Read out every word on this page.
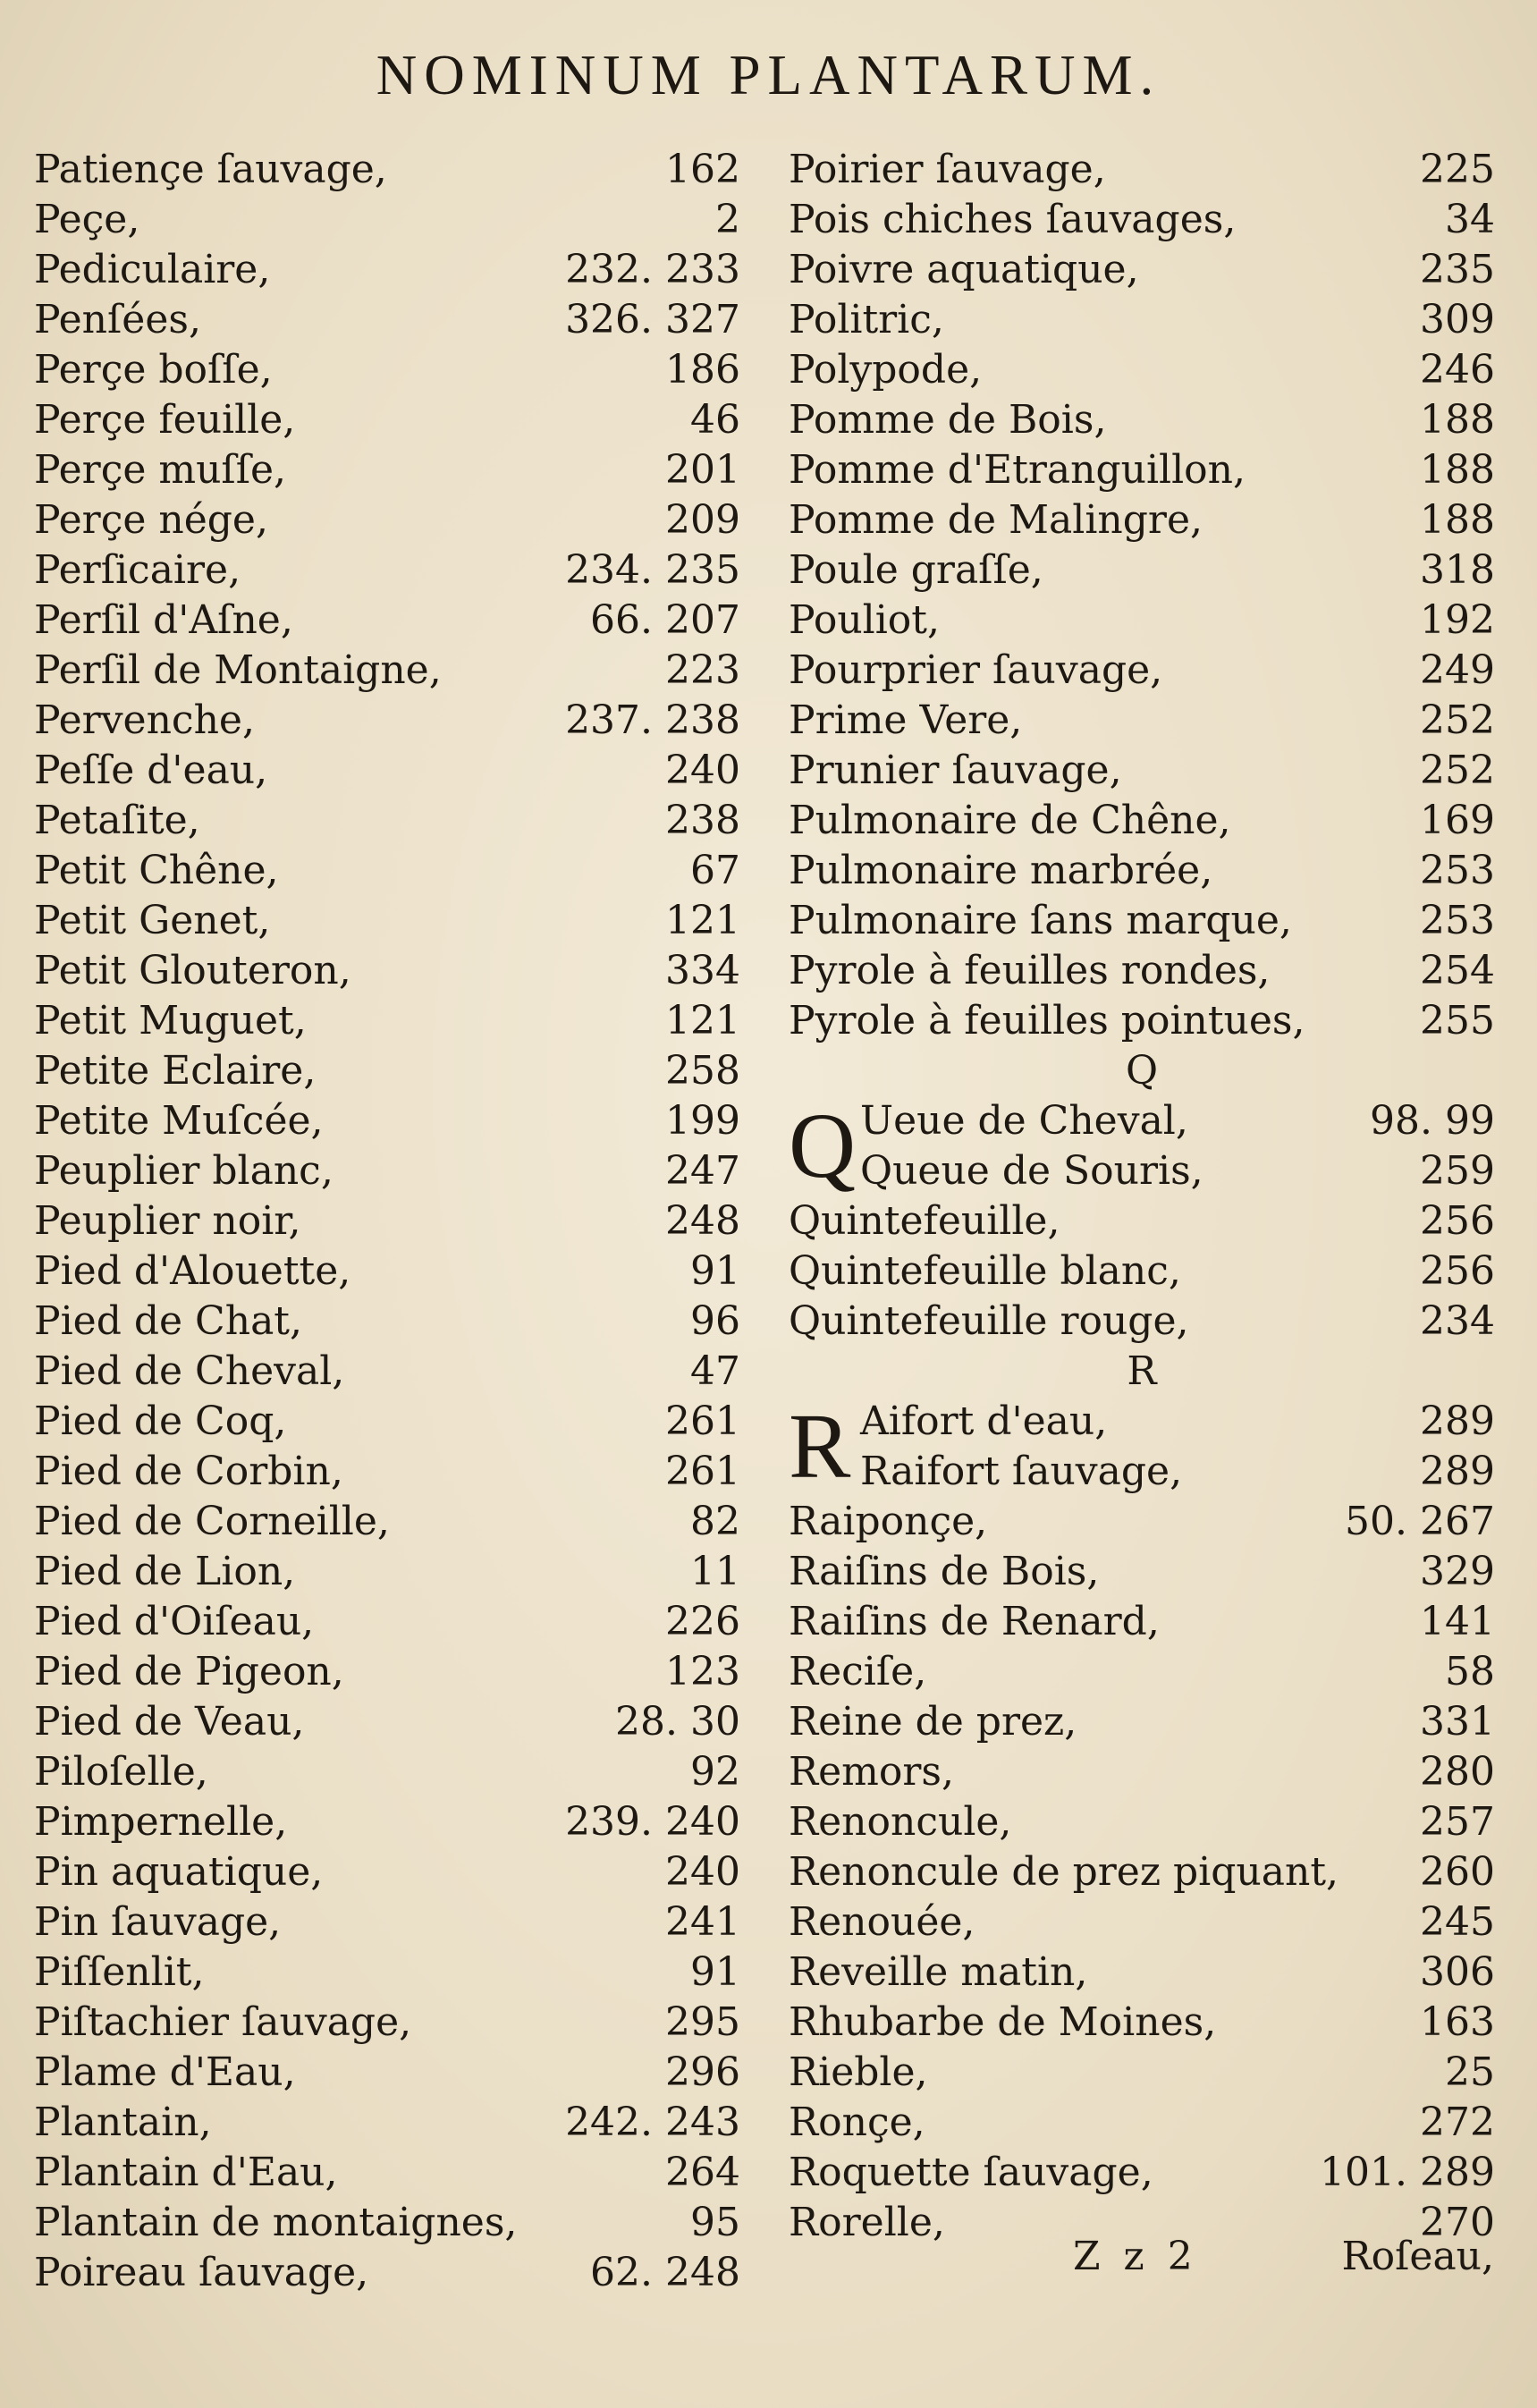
NOMINUM PLANTARUM.
Patiençe ſauvage,	162
Peçe,	2
Pediculaire,	232. 233
Penſées,	326. 327
Perçe boſſe,	186
Perçe feuille,	46
Perçe muſſe,	201
Perçe nége,	209
Perſicaire,	234. 235
Perſil d'Aſne,	66. 207
Perſil de Montaigne,	223
Pervenche,	237. 238
Peſſe d'eau,	240
Petaſite,	238
Petit Chêne,	67
Petit Genet,	121
Petit Glouteron,	334
Petit Muguet,	121
Petite Eclaire,	258
Petite Muſcée,	199
Peuplier blanc,	247
Peuplier noir,	248
Pied d'Alouette,	91
Pied de Chat,	96
Pied de Cheval,	47
Pied de Coq,	261
Pied de Corbin,	261
Pied de Corneille,	82
Pied de Lion,	11
Pied d'Oiſeau,	226
Pied de Pigeon,	123
Pied de Veau,	28. 30
Piloſelle,	92
Pimpernelle,	239. 240
Pin aquatique,	240
Pin ſauvage,	241
Piſſenlit,	91
Piſtachier ſauvage,	295
Plame d'Eau,	296
Plantain,	242. 243
Plantain d'Eau,	264
Plantain de montaignes,	95
Poireau ſauvage,	62. 248
Poirier ſauvage,	225
Pois chiches ſauvages,	34
Poivre aquatique,	235
Politric,	309
Polypode,	246
Pomme de Bois,	188
Pomme d'Etranguillon,	188
Pomme de Malingre,	188
Poule graſſe,	318
Pouliot,	192
Pourprier ſauvage,	249
Prime Vere,	252
Prunier ſauvage,	252
Pulmonaire de Chêne,	169
Pulmonaire marbrée,	253
Pulmonaire ſans marque,	253
Pyrole à feuilles rondes,	254
Pyrole à feuilles pointues,	255
Q
Q Ueue de Cheval,	98. 99
Queue de Souris,	259
Quintefeuille,	256
Quintefeuille blanc,	256
Quintefeuille rouge,	234
R
R Aifort d'eau,	289
Raifort ſauvage,	289
Raiponçe,	50. 267
Raiſins de Bois,	329
Raiſins de Renard,	141
Reciſe,	58
Reine de prez,	331
Remors,	280
Renoncule,	257
Renoncule de prez piquant, 260
Renouée,	245
Reveille matin,	306
Rhubarbe de Moines,	163
Rieble,	25
Ronçe,	272
Roquette ſauvage,	101. 289
Rorelle,	270
Z z 2	Roſeau,
